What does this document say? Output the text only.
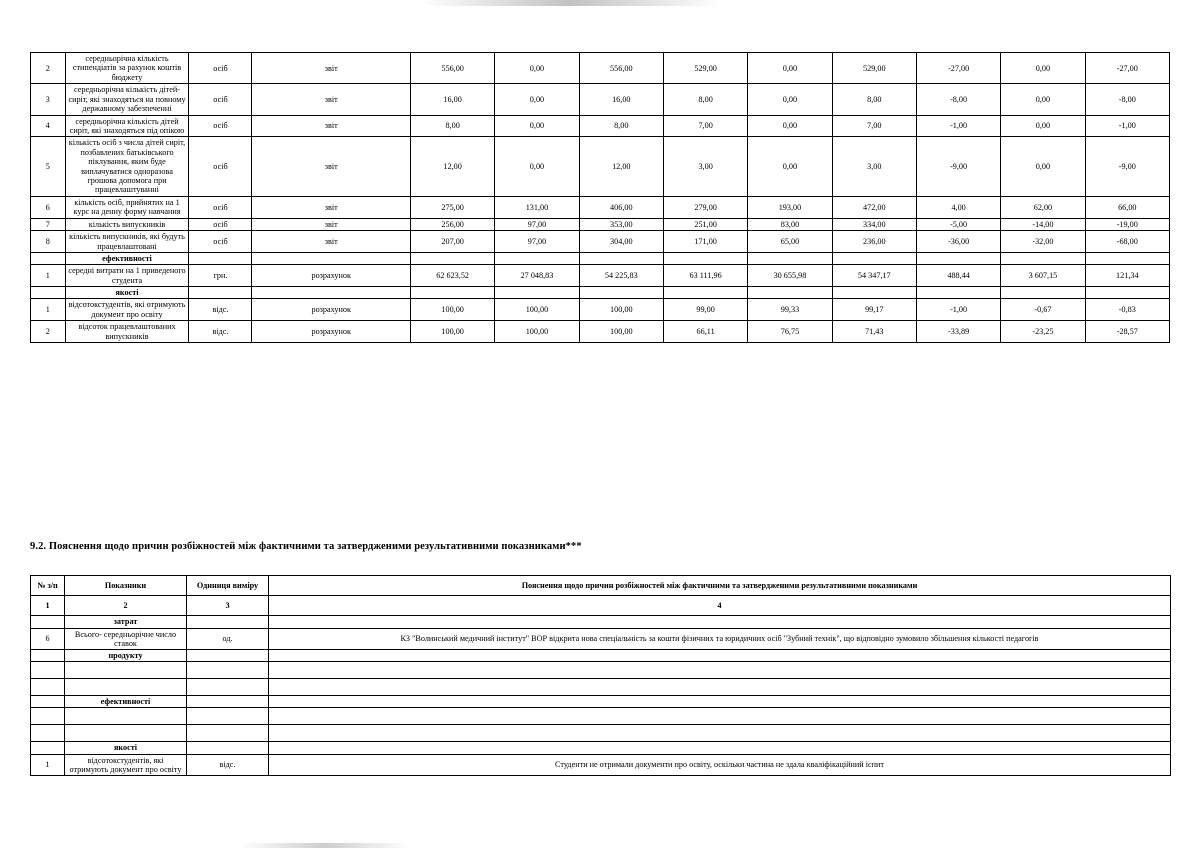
2	середньорічна кількість стипендіатів за рахунок коштів бюджету	осіб	звіт	556,00	0,00	556,00	529,00	0,00	529,00	-27,00	0,00	-27,00
3	середньорічна кількість дітей-сиріт, які знаходяться на повному державному забезпеченні	осіб	звіт	16,00	0,00	16,00	8,00	0,00	8,00	-8,00	0,00	-8,00
4	середньорічна кількість дітей сиріт, які знаходяться під опікою	осіб	звіт	8,00	0,00	8,00	7,00	0,00	7,00	-1,00	0,00	-1,00
5	кількість осіб з числа дітей сиріт, позбавлених батьківського піклування, яким буде виплачуватися одноразова грошова допомога при працевлаштуванні	осіб	звіт	12,00	0,00	12,00	3,00	0,00	3,00	-9,00	0,00	-9,00
6	кількість осіб, прийнятих на 1 курс на денну форму навчання	осіб	звіт	275,00	131,00	406,00	279,00	193,00	472,00	4,00	62,00	66,00
7	кількість випускників	осіб	звіт	256,00	97,00	353,00	251,00	83,00	334,00	-5,00	-14,00	-19,00
8	кількість випускників, які будуть працевлаштовані	осіб	звіт	207,00	97,00	304,00	171,00	65,00	236,00	-36,00	-32,00	-68,00
	ефективності											
1	середні витрати на 1 приведеного студента	грн.	розрахунок	62 623,52	27 048,83	54 225,83	63 111,96	30 655,98	54 347,17	488,44	3 607,15	121,34
	якості											
1	відсотокстудентів, які отримують документ про освіту	відс.	розрахунок	100,00	100,00	100,00	99,00	99,33	99,17	-1,00	-0,67	-0,83
2	відсоток працевлаштованих випускників	відс.	розрахунок	100,00	100,00	100,00	66,11	76,75	71,43	-33,89	-23,25	-28,57
9.2. Пояснення щодо причин розбіжностей між фактичними та затвердженими результативними показниками***
№ з/п	Показники	Одиниця виміру	Пояснення щодо причин розбіжностей між фактичними та затвердженими результативними показниками
1	2	3	4
	затрат		
6	Всього- середньорічне число ставок	од.	КЗ "Волинський медичний інститут" ВОР відкрита нова спеціальність за кошти фізичних та юридичних осіб "Зубний технік", що відповідно зумовило збільшення кількості педагогів
	продукту		

	ефективності		

	якості		
1	відсотокстудентів, які отримують документ про освіту	відс.	Студенти не отримали документи про освіту, оскільки частина не здала кваліфікаційний іспит
